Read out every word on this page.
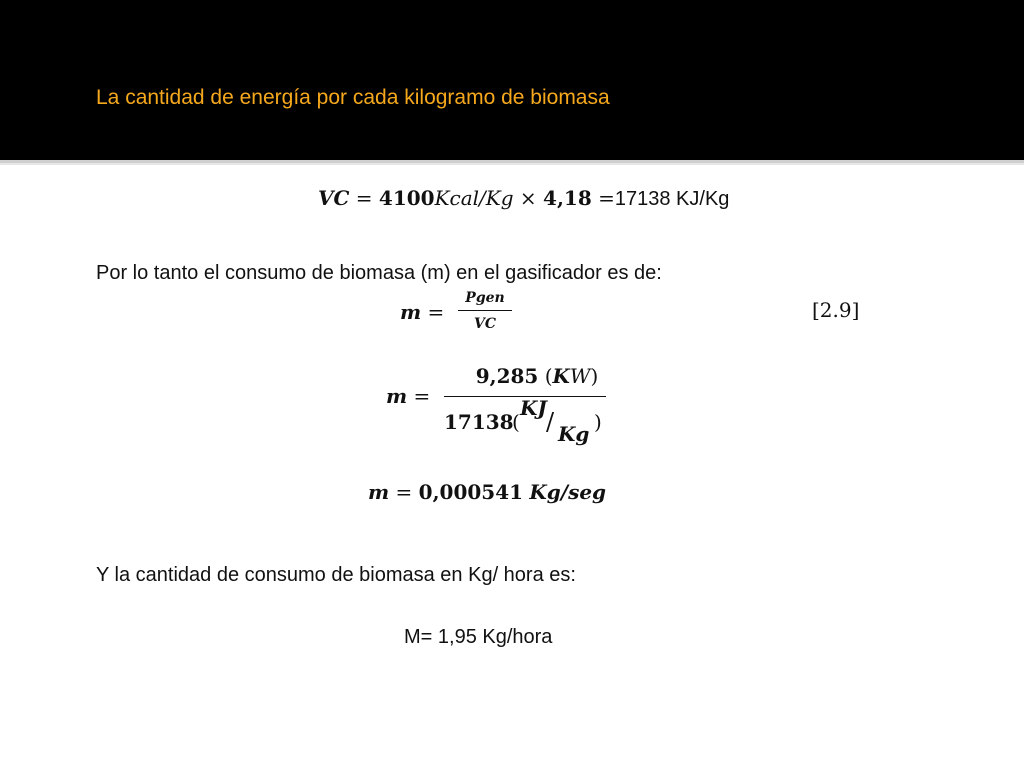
La cantidad de energía por cada kilogramo de biomasa
VC = 4100Kcal/Kg × 4,18 =17138 KJ/Kg
Por lo tanto el consumo de biomasa (m) en el gasificador es de:
m =
Pgen
VC
[2.9]
m =
9,285 (KW)
17138
(
KJ / Kg )
m = 0,000541 Kg/seg
Y la cantidad de consumo de biomasa en Kg/ hora es:
M= 1,95 Kg/hora
